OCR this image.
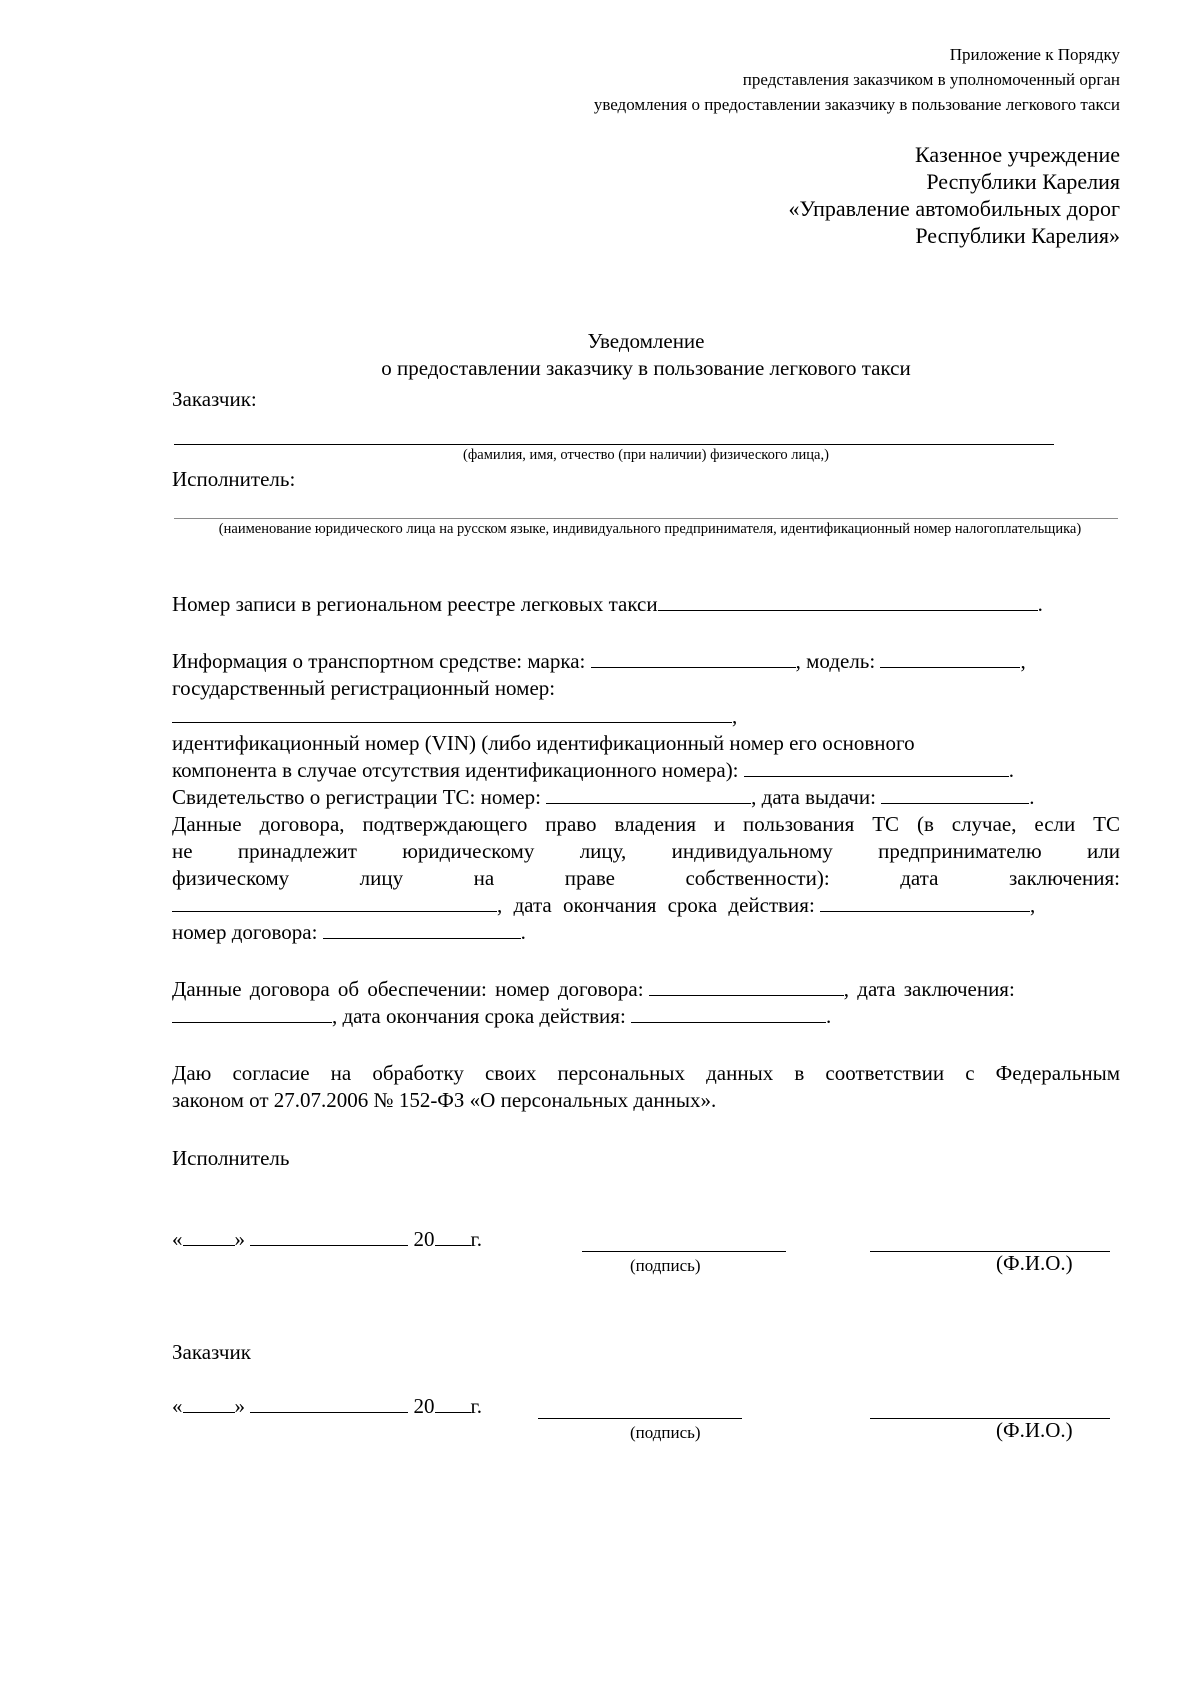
Приложение к Порядку
представления заказчиком в уполномоченный орган
уведомления о предоставлении заказчику в пользование легкового такси
Казенное учреждение
Республики Карелия
«Управление автомобильных дорог
Республики Карелия»
Уведомление
о предоставлении заказчику в пользование легкового такси
Заказчик:
(фамилия, имя, отчество (при наличии) физического лица,)
Исполнитель:
(наименование юридического лица на русском языке, индивидуального предпринимателя, идентификационный номер налогоплательщика)
Номер записи в региональном реестре легковых такси	.
Информация о транспортном средстве: марка:	, модель:	,
государственный регистрационный номер:
,
идентификационный номер (VIN) (либо идентификационный номер его основного
компонента в случае отсутствия идентификационного номера):	.
Свидетельство о регистрации ТС: номер:	, дата выдачи:	.
Данные договора, подтверждающего право владения и пользования ТС (в случае, если ТС
не принадлежит юридическому лицу, индивидуальному предпринимателю или
физическому лицу на праве собственности): дата заключения:
, дата окончания срока действия:	,
номер договора:	.
Данные договора об обеспечении: номер договора:	, дата заключения:
, дата окончания срока действия:	.
Даю согласие на обработку своих персональных данных в соответствии с Федеральным
законом от 27.07.2006 № 152-ФЗ «О персональных данных».
Исполнитель
« »	20 г.
(подпись)	(Ф.И.О.)
Заказчик
« »	20 г.
(подпись)	(Ф.И.О.)
